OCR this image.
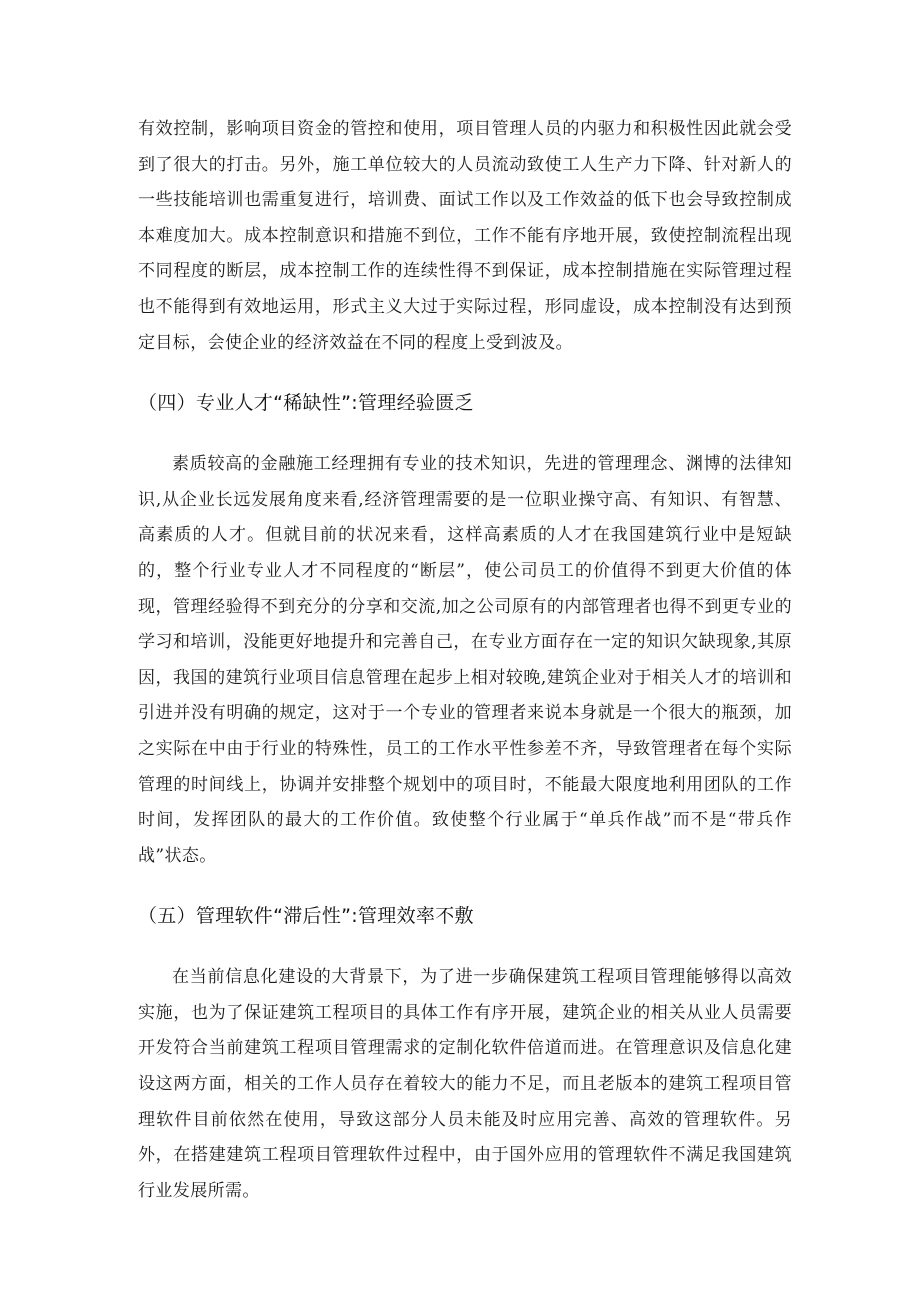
有效控制，影响项目资金的管控和使用，项目管理人员的内驱力和积极性因此就会受到了很大的打击。另外，施工单位较大的人员流动致使工人生产力下降、针对新人的一些技能培训也需重复进行，培训费、面试工作以及工作效益的低下也会导致控制成本难度加大。成本控制意识和措施不到位，工作不能有序地开展，致使控制流程出现不同程度的断层，成本控制工作的连续性得不到保证，成本控制措施在实际管理过程也不能得到有效地运用，形式主义大过于实际过程，形同虚设，成本控制没有达到预定目标，会使企业的经济效益在不同的程度上受到波及。

（四）专业人才“稀缺性”:管理经验匮乏

素质较高的金融施工经理拥有专业的技术知识，先进的管理理念、渊博的法律知识,从企业长远发展角度来看,经济管理需要的是一位职业操守高、有知识、有智慧、高素质的人才。但就目前的状况来看，这样高素质的人才在我国建筑行业中是短缺的，整个行业专业人才不同程度的“断层”，使公司员工的价值得不到更大价值的体现，管理经验得不到充分的分享和交流,加之公司原有的内部管理者也得不到更专业的学习和培训，没能更好地提升和完善自己，在专业方面存在一定的知识欠缺现象,其原因，我国的建筑行业项目信息管理在起步上相对较晚,建筑企业对于相关人才的培训和引进并没有明确的规定，这对于一个专业的管理者来说本身就是一个很大的瓶颈，加之实际在中由于行业的特殊性，员工的工作水平性参差不齐，导致管理者在每个实际管理的时间线上，协调并安排整个规划中的项目时，不能最大限度地利用团队的工作时间，发挥团队的最大的工作价值。致使整个行业属于“单兵作战”而不是“带兵作战”状态。

（五）管理软件“滞后性”:管理效率不敷

在当前信息化建设的大背景下，为了进一步确保建筑工程项目管理能够得以高效实施，也为了保证建筑工程项目的具体工作有序开展，建筑企业的相关从业人员需要开发符合当前建筑工程项目管理需求的定制化软件倍道而进。在管理意识及信息化建设这两方面，相关的工作人员存在着较大的能力不足，而且老版本的建筑工程项目管理软件目前依然在使用，导致这部分人员未能及时应用完善、高效的管理软件。另外，在搭建建筑工程项目管理软件过程中，由于国外应用的管理软件不满足我国建筑行业发展所需。
